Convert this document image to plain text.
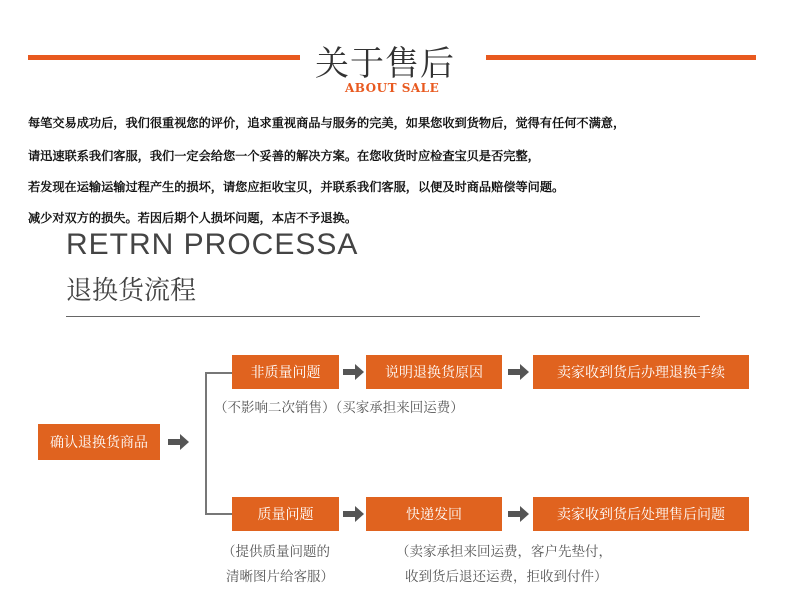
关于售后
ABOUT SALE
每笔交易成功后，我们很重视您的评价，追求重视商品与服务的完美，如果您收到货物后，觉得有任何不满意，
请迅速联系我们客服，我们一定会给您一个妥善的解决方案。在您收货时应检查宝贝是否完整，
若发现在运输运输过程产生的损坏，请您应拒收宝贝，并联系我们客服，以便及时商品赔偿等问题。
减少对双方的损失。若因后期个人损坏问题，本店不予退换。
RETRN PROCESSA
退换货流程
确认退换货商品
非质量问题	说明退换货原因	卖家收到货后办理退换手续
（不影响二次销售）（买家承担来回运费）
质量问题	快递发回	卖家收到货后处理售后问题
（提供质量问题的
清晰图片给客服）
（卖家承担来回运费，客户先垫付，
收到货后退还运费，拒收到付件）
